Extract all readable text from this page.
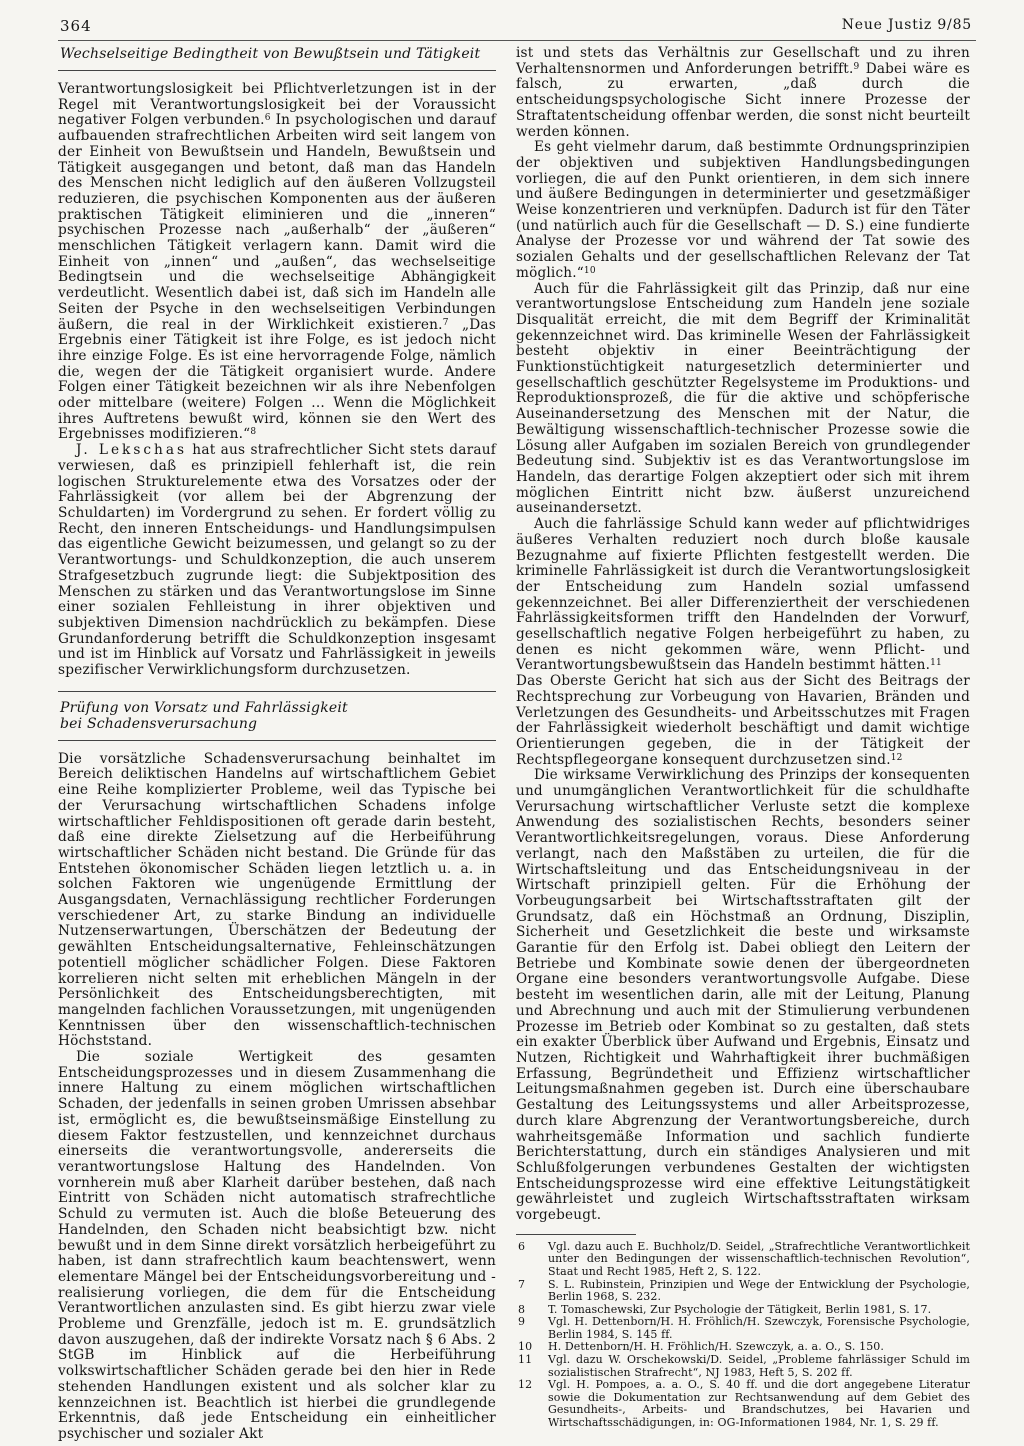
364	Neue Justiz 9/85
Wechselseitige Bedingtheit von Bewußtsein und Tätigkeit

Verantwortungslosigkeit bei Pflichtverletzungen ist in der Regel mit Verantwortungslosigkeit bei der Voraussicht negativer Folgen verbunden.$^6$ In psychologischen und darauf aufbauenden strafrechtlichen Arbeiten wird seit langem von der Einheit von Bewußtsein und Handeln, Bewußtsein und Tätigkeit ausgegangen und betont, daß man das Handeln des Menschen nicht lediglich auf den äußeren Vollzugsteil reduzieren, die psychischen Komponenten aus der äußeren praktischen Tätigkeit eliminieren und die „inneren“ psychischen Prozesse nach „außerhalb“ der „äußeren“ menschlichen Tätigkeit verlagern kann. Damit wird die Einheit von „innen“ und „außen“, das wechselseitige Bedingtsein und die wechselseitige Abhängigkeit verdeutlicht. Wesentlich dabei ist, daß sich im Handeln alle Seiten der Psyche in den wechselseitigen Verbindungen äußern, die real in der Wirklichkeit existieren.$^7$ „Das Ergebnis einer Tätigkeit ist ihre Folge, es ist jedoch nicht ihre einzige Folge. Es ist eine hervorragende Folge, nämlich die, wegen der die Tätigkeit organisiert wurde. Andere Folgen einer Tätigkeit bezeichnen wir als ihre Nebenfolgen oder mittelbare (weitere) Folgen ... Wenn die Möglichkeit ihres Auftretens bewußt wird, können sie den Wert des Ergebnisses modifizieren.“$^8$

J. Lekschas hat aus strafrechtlicher Sicht stets darauf verwiesen, daß es prinzipiell fehlerhaft ist, die rein logischen Strukturelemente etwa des Vorsatzes oder der Fahrlässigkeit (vor allem bei der Abgrenzung der Schuldarten) im Vordergrund zu sehen. Er fordert völlig zu Recht, den inneren Entscheidungs- und Handlungsimpulsen das eigentliche Gewicht beizumessen, und gelangt so zu der Verantwortungs- und Schuldkonzeption, die auch unserem Strafgesetzbuch zugrunde liegt: die Subjektposition des Menschen zu stärken und das Verantwortungslose im Sinne einer sozialen Fehlleistung in ihrer objektiven und subjektiven Dimension nachdrücklich zu bekämpfen. Diese Grundanforderung betrifft die Schuldkonzeption insgesamt und ist im Hinblick auf Vorsatz und Fahrlässigkeit in jeweils spezifischer Verwirklichungsform durchzusetzen.

Prüfung von Vorsatz und Fahrlässigkeit
bei Schadensverursachung

Die vorsätzliche Schadensverursachung beinhaltet im Bereich deliktischen Handelns auf wirtschaftlichem Gebiet eine Reihe komplizierter Probleme, weil das Typische bei der Verursachung wirtschaftlichen Schadens infolge wirtschaftlicher Fehldispositionen oft gerade darin besteht, daß eine direkte Zielsetzung auf die Herbeiführung wirtschaftlicher Schäden nicht bestand. Die Gründe für das Entstehen ökonomischer Schäden liegen letztlich u. a. in solchen Faktoren wie ungenügende Ermittlung der Ausgangsdaten, Vernachlässigung rechtlicher Forderungen verschiedener Art, zu starke Bindung an individuelle Nutzenserwartungen, Überschätzen der Bedeutung der gewählten Entscheidungsalternative, Fehleinschätzungen potentiell möglicher schädlicher Folgen. Diese Faktoren korrelieren nicht selten mit erheblichen Mängeln in der Persönlichkeit des Entscheidungsberechtigten, mit mangelnden fachlichen Voraussetzungen, mit ungenügenden Kenntnissen über den wissenschaftlich-technischen Höchststand.

Die soziale Wertigkeit des gesamten Entscheidungsprozesses und in diesem Zusammenhang die innere Haltung zu einem möglichen wirtschaftlichen Schaden, der jedenfalls in seinen groben Umrissen absehbar ist, ermöglicht es, die bewußtseinsmäßige Einstellung zu diesem Faktor festzustellen, und kennzeichnet durchaus einerseits die verantwortungsvolle, andererseits die verantwortungslose Haltung des Handelnden. Von vornherein muß aber Klarheit darüber bestehen, daß nach Eintritt von Schäden nicht automatisch strafrechtliche Schuld zu vermuten ist. Auch die bloße Beteuerung des Handelnden, den Schaden nicht beabsichtigt bzw. nicht bewußt und in dem Sinne direkt vorsätzlich herbeigeführt zu haben, ist dann strafrechtlich kaum beachtenswert, wenn elementare Mängel bei der Entscheidungsvorbereitung und -realisierung vorliegen, die dem für die Entscheidung Verantwortlichen anzulasten sind. Es gibt hierzu zwar viele Probleme und Grenzfälle, jedoch ist m. E. grundsätzlich davon auszugehen, daß der indirekte Vorsatz nach § 6 Abs. 2 StGB im Hinblick auf die Herbeiführung volkswirtschaftlicher Schäden gerade bei den hier in Rede stehenden Handlungen existent und als solcher klar zu kennzeichnen ist. Beachtlich ist hierbei die grundlegende Erkenntnis, daß jede Entscheidung ein einheitlicher psychischer und sozialer Akt

ist und stets das Verhältnis zur Gesellschaft und zu ihren Verhaltensnormen und Anforderungen betrifft.$^9$ Dabei wäre es falsch, zu erwarten, „daß durch die entscheidungspsychologische Sicht innere Prozesse der Straftatentscheidung offenbar werden, die sonst nicht beurteilt werden können.

Es geht vielmehr darum, daß bestimmte Ordnungsprinzipien der objektiven und subjektiven Handlungsbedingungen vorliegen, die auf den Punkt orientieren, in dem sich innere und äußere Bedingungen in determinierter und gesetzmäßiger Weise konzentrieren und verknüpfen. Dadurch ist für den Täter (und natürlich auch für die Gesellschaft — D. S.) eine fundierte Analyse der Prozesse vor und während der Tat sowie des sozialen Gehalts und der gesellschaftlichen Relevanz der Tat möglich.“$^{10}$

Auch für die Fahrlässigkeit gilt das Prinzip, daß nur eine verantwortungslose Entscheidung zum Handeln jene soziale Disqualität erreicht, die mit dem Begriff der Kriminalität gekennzeichnet wird. Das kriminelle Wesen der Fahrlässigkeit besteht objektiv in einer Beeinträchtigung der Funktionstüchtigkeit naturgesetzlich determinierter und gesellschaftlich geschützter Regelsysteme im Produktions- und Reproduktionsprozeß, die für die aktive und schöpferische Auseinandersetzung des Menschen mit der Natur, die Bewältigung wissenschaftlich-technischer Prozesse sowie die Lösung aller Aufgaben im sozialen Bereich von grundlegender Bedeutung sind. Subjektiv ist es das Verantwortungslose im Handeln, das derartige Folgen akzeptiert oder sich mit ihrem möglichen Eintritt nicht bzw. äußerst unzureichend auseinandersetzt.

Auch die fahrlässige Schuld kann weder auf pflichtwidriges äußeres Verhalten reduziert noch durch bloße kausale Bezugnahme auf fixierte Pflichten festgestellt werden. Die kriminelle Fahrlässigkeit ist durch die Verantwortungslosigkeit der Entscheidung zum Handeln sozial umfassend gekennzeichnet. Bei aller Differenziertheit der verschiedenen Fahrlässigkeitsformen trifft den Handelnden der Vorwurf, gesellschaftlich negative Folgen herbeigeführt zu haben, zu denen es nicht gekommen wäre, wenn Pflicht- und Verantwortungsbewußtsein das Handeln bestimmt hätten.$^{11}$

Das Oberste Gericht hat sich aus der Sicht des Beitrags der Rechtsprechung zur Vorbeugung von Havarien, Bränden und Verletzungen des Gesundheits- und Arbeitsschutzes mit Fragen der Fahrlässigkeit wiederholt beschäftigt und damit wichtige Orientierungen gegeben, die in der Tätigkeit der Rechtspflegeorgane konsequent durchzusetzen sind.$^{12}$

Die wirksame Verwirklichung des Prinzips der konsequenten und unumgänglichen Verantwortlichkeit für die schuldhafte Verursachung wirtschaftlicher Verluste setzt die komplexe Anwendung des sozialistischen Rechts, besonders seiner Verantwortlichkeitsregelungen, voraus. Diese Anforderung verlangt, nach den Maßstäben zu urteilen, die für die Wirtschaftsleitung und das Entscheidungsniveau in der Wirtschaft prinzipiell gelten. Für die Erhöhung der Vorbeugungsarbeit bei Wirtschaftsstraftaten gilt der Grundsatz, daß ein Höchstmaß an Ordnung, Disziplin, Sicherheit und Gesetzlichkeit die beste und wirksamste Garantie für den Erfolg ist. Dabei obliegt den Leitern der Betriebe und Kombinate sowie denen der übergeordneten Organe eine besonders verantwortungsvolle Aufgabe. Diese besteht im wesentlichen darin, alle mit der Leitung, Planung und Abrechnung und auch mit der Stimulierung verbundenen Prozesse im Betrieb oder Kombinat so zu gestalten, daß stets ein exakter Überblick über Aufwand und Ergebnis, Einsatz und Nutzen, Richtigkeit und Wahrhaftigkeit ihrer buchmäßigen Erfassung, Begründetheit und Effizienz wirtschaftlicher Leitungsmaßnahmen gegeben ist. Durch eine überschaubare Gestaltung des Leitungssystems und aller Arbeitsprozesse, durch klare Abgrenzung der Verantwortungsbereiche, durch wahrheitsgemäße Information und sachlich fundierte Berichterstattung, durch ein ständiges Analysieren und mit Schlußfolgerungen verbundenes Gestalten der wichtigsten Entscheidungsprozesse wird eine effektive Leitungstätigkeit gewährleistet und zugleich Wirtschaftsstraftaten wirksam vorgebeugt.

6	Vgl. dazu auch E. Buchholz/D. Seidel, „Strafrechtliche Verantwortlichkeit unter den Bedingungen der wissenschaftlich-technischen Revolution“, Staat und Recht 1985, Heft 2, S. 122.
7	S. L. Rubinstein, Prinzipien und Wege der Entwicklung der Psychologie, Berlin 1968, S. 232.
8	T. Tomaschewski, Zur Psychologie der Tätigkeit, Berlin 1981, S. 17.
9	Vgl. H. Dettenborn/H. H. Fröhlich/H. Szewczyk, Forensische Psychologie, Berlin 1984, S. 145 ff.
10	H. Dettenborn/H. H. Fröhlich/H. Szewczyk, a. a. O., S. 150.
11	Vgl. dazu W. Orschekowski/D. Seidel, „Probleme fahrlässiger Schuld im sozialistischen Strafrecht“, NJ 1983, Heft 5, S. 202 ff.
12	Vgl. H. Pompoes, a. a. O., S. 40 ff. und die dort angegebene Literatur sowie die Dokumentation zur Rechtsanwendung auf dem Gebiet des Gesundheits-, Arbeits- und Brandschutzes, bei Havarien und Wirtschaftsschädigungen, in: OG-Informationen 1984, Nr. 1, S. 29 ff.
